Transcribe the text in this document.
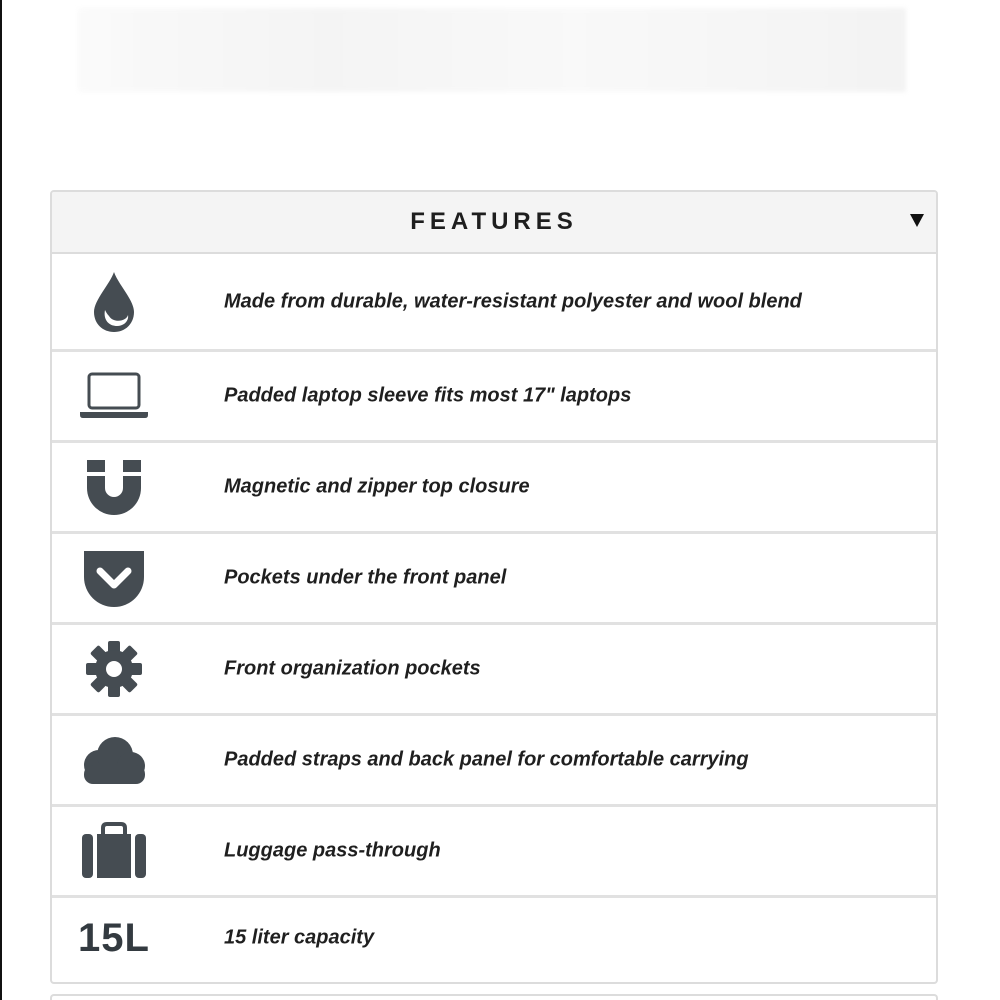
FEATURES
Made from durable, water-resistant polyester and wool blend
Padded laptop sleeve fits most 17" laptops
Magnetic and zipper top closure
Pockets under the front panel
Front organization pockets
Padded straps and back panel for comfortable carrying
Luggage pass-through
15L	15 liter capacity
